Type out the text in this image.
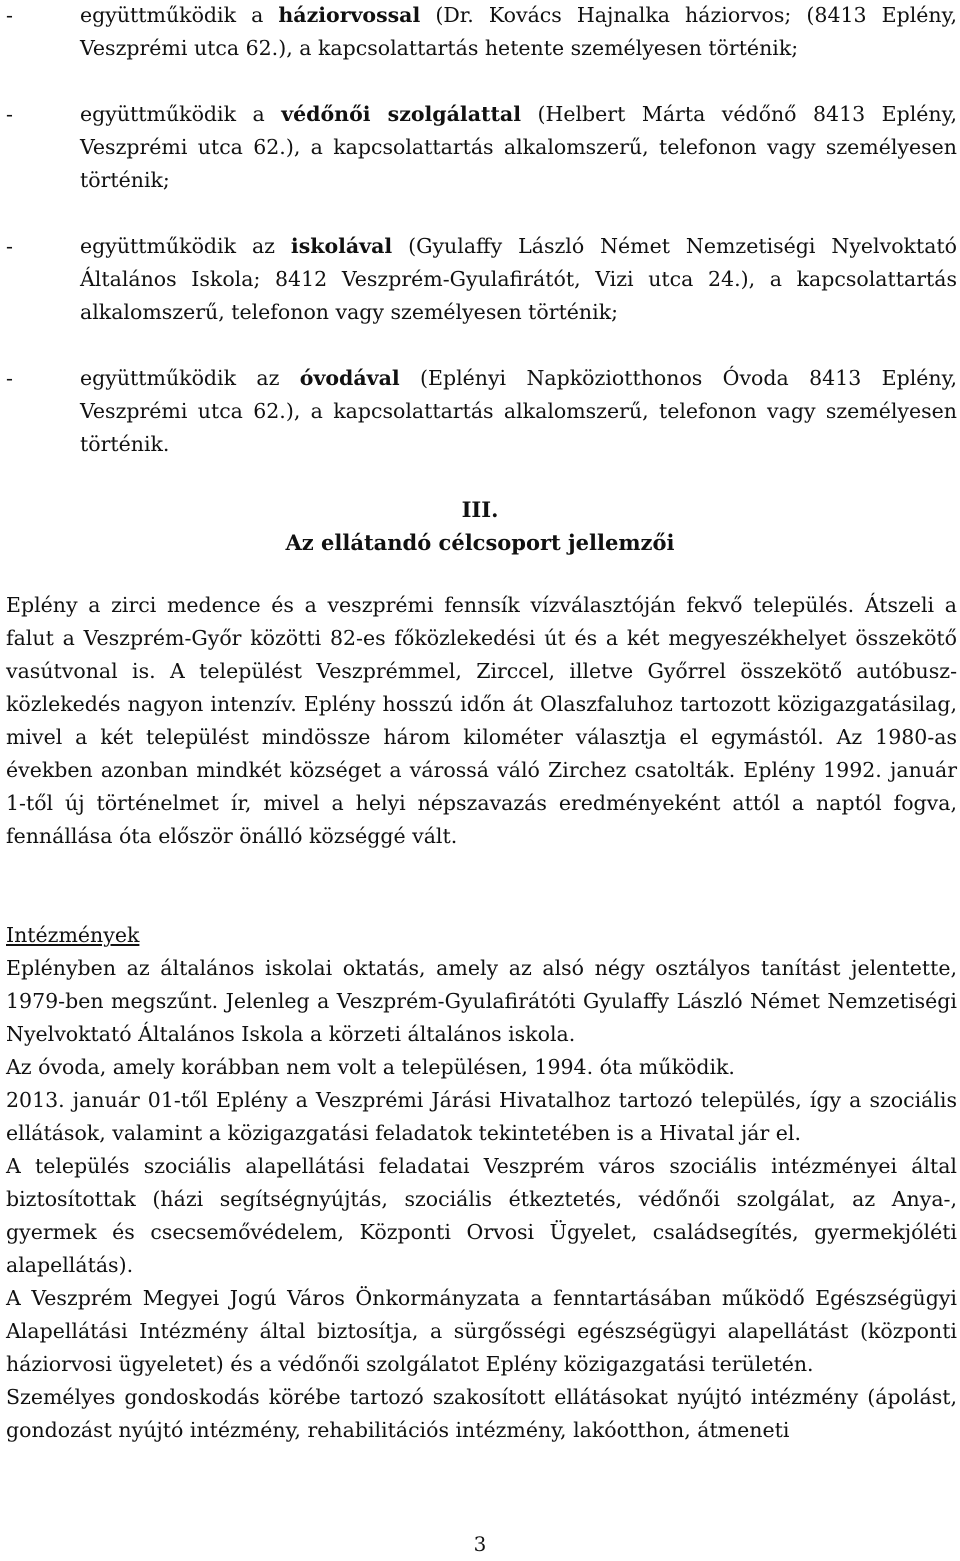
-	együttműködik a háziorvossal (Dr. Kovács Hajnalka háziorvos; (8413 Eplény, Veszprémi utca 62.), a kapcsolattartás hetente személyesen történik;
-	együttműködik a védőnői szolgálattal (Helbert Márta védőnő 8413 Eplény, Veszprémi utca 62.), a kapcsolattartás alkalomszerű, telefonon vagy személyesen történik;
-	együttműködik az iskolával (Gyulaffy László Német Nemzetiségi Nyelvoktató Általános Iskola; 8412 Veszprém-Gyulafirátót, Vizi utca 24.), a kapcsolattartás alkalomszerű, telefonon vagy személyesen történik;
-	együttműködik az óvodával (Eplényi Napköziotthonos Óvoda 8413 Eplény, Veszprémi utca 62.), a kapcsolattartás alkalomszerű, telefonon vagy személyesen történik.
III.
Az ellátandó célcsoport jellemzői

Eplény a zirci medence és a veszprémi fennsík vízválasztóján fekvő település. Átszeli a falut a Veszprém-Győr közötti 82-es főközlekedési út és a két megyeszékhelyet összekötő vasútvonal is. A települést Veszprémmel, Zirccel, illetve Győrrel összekötő autóbusz-közlekedés nagyon intenzív. Eplény hosszú időn át Olaszfaluhoz tartozott közigazgatásilag, mivel a két települést mindössze három kilométer választja el egymástól. Az 1980-as években azonban mindkét községet a várossá váló Zirchez csatolták. Eplény 1992. január 1-től új történelmet ír, mivel a helyi népszavazás eredményeként attól a naptól fogva, fennállása óta először önálló községgé vált.

Intézmények

Eplényben az általános iskolai oktatás, amely az alsó négy osztályos tanítást jelentette, 1979-ben megszűnt. Jelenleg a Veszprém-Gyulafirátóti Gyulaffy László Német Nemzetiségi Nyelvoktató Általános Iskola a körzeti általános iskola.

Az óvoda, amely korábban nem volt a településen, 1994. óta működik.

2013. január 01-től Eplény a Veszprémi Járási Hivatalhoz tartozó település, így a szociális ellátások, valamint a közigazgatási feladatok tekintetében is a Hivatal jár el.

A település szociális alapellátási feladatai Veszprém város szociális intézményei által biztosítottak (házi segítségnyújtás, szociális étkeztetés, védőnői szolgálat, az Anya-, gyermek és csecsemővédelem, Központi Orvosi Ügyelet, családsegítés, gyermekjóléti alapellátás).

A Veszprém Megyei Jogú Város Önkormányzata a fenntartásában működő Egészségügyi Alapellátási Intézmény által biztosítja, a sürgősségi egészségügyi alapellátást (központi háziorvosi ügyeletet) és a védőnői szolgálatot Eplény közigazgatási területén.

Személyes gondoskodás körébe tartozó szakosított ellátásokat nyújtó intézmény (ápolást, gondozást nyújtó intézmény, rehabilitációs intézmény, lakóotthon, átmeneti

3
